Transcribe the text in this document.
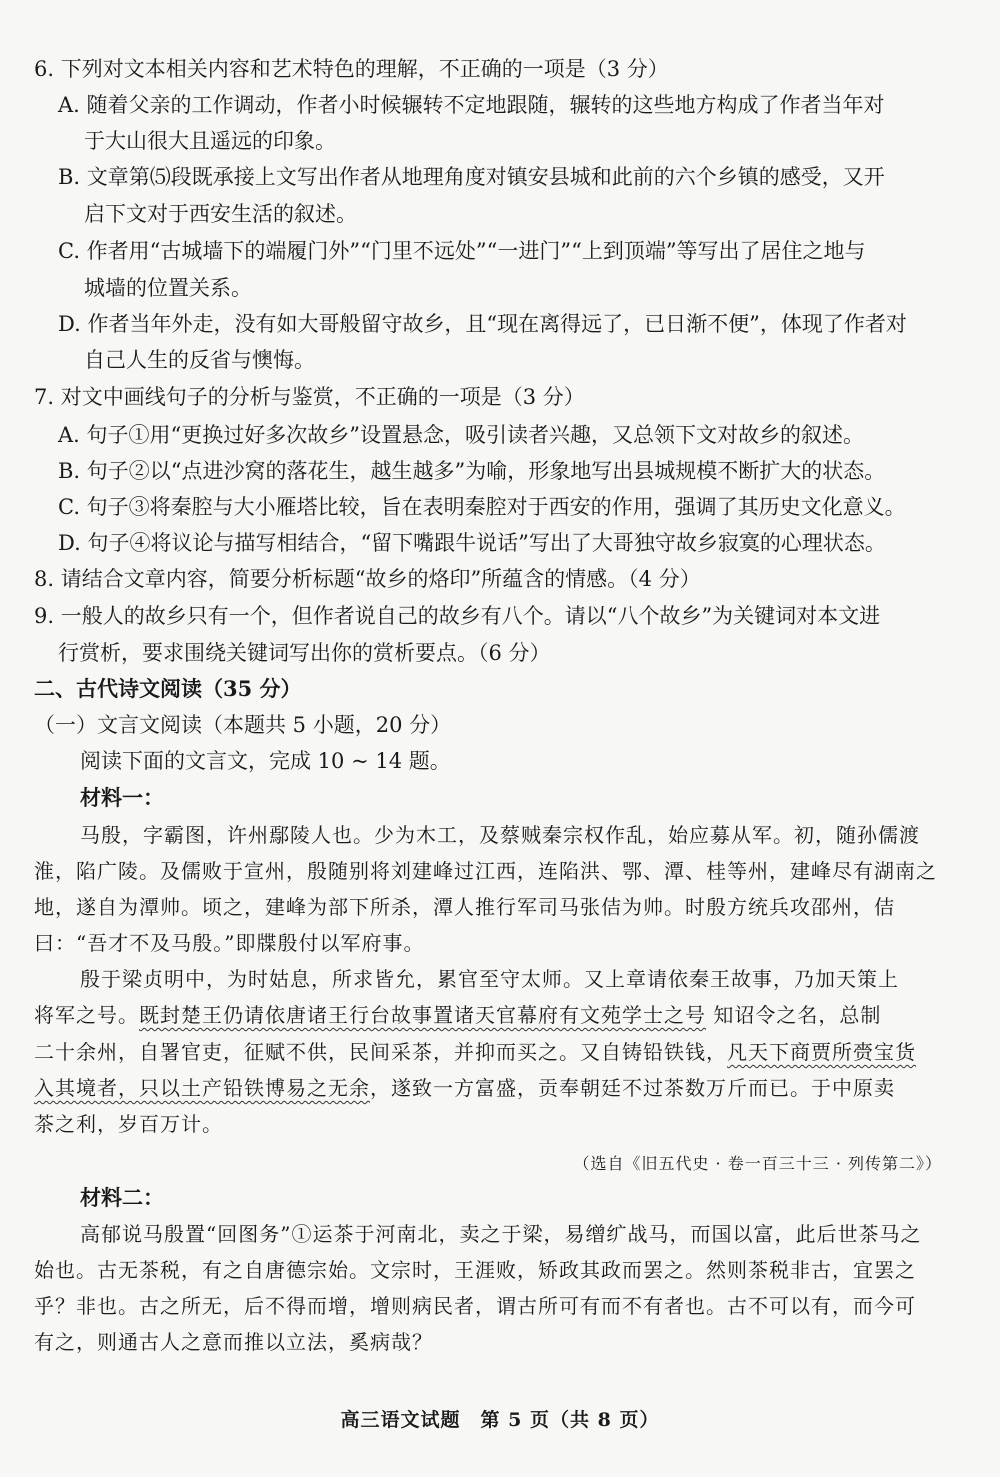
6. 下列对文本相关内容和艺术特色的理解，不正确的一项是（3 分）
A. 随着父亲的工作调动，作者小时候辗转不定地跟随，辗转的这些地方构成了作者当年对
于大山很大且遥远的印象。
B. 文章第⑸段既承接上文写出作者从地理角度对镇安县城和此前的六个乡镇的感受，又开
启下文对于西安生活的叙述。
C. 作者用“古城墙下的端履门外”“门里不远处”“一进门”“上到顶端”等写出了居住之地与
城墙的位置关系。
D. 作者当年外走，没有如大哥般留守故乡，且“现在离得远了，已日渐不便”，体现了作者对
自己人生的反省与懊悔。
7. 对文中画线句子的分析与鉴赏，不正确的一项是（3 分）
A. 句子①用“更换过好多次故乡”设置悬念，吸引读者兴趣，又总领下文对故乡的叙述。
B. 句子②以“点进沙窝的落花生，越生越多”为喻，形象地写出县城规模不断扩大的状态。
C. 句子③将秦腔与大小雁塔比较，旨在表明秦腔对于西安的作用，强调了其历史文化意义。
D. 句子④将议论与描写相结合，“留下嘴跟牛说话”写出了大哥独守故乡寂寞的心理状态。
8. 请结合文章内容，简要分析标题“故乡的烙印”所蕴含的情感。（4 分）
9. 一般人的故乡只有一个，但作者说自己的故乡有八个。请以“八个故乡”为关键词对本文进
行赏析，要求围绕关键词写出你的赏析要点。（6 分）
二、古代诗文阅读（35 分）
（一）文言文阅读（本题共 5 小题，20 分）
阅读下面的文言文，完成 10 ~ 14 题。
材料一：
马殷，字霸图，许州鄢陵人也。少为木工，及蔡贼秦宗权作乱，始应募从军。初，随孙儒渡
淮，陷广陵。及儒败于宣州，殷随别将刘建峰过江西，连陷洪、鄂、潭、桂等州，建峰尽有湖南之
地，遂自为潭帅。顷之，建峰为部下所杀，潭人推行军司马张佶为帅。时殷方统兵攻邵州，佶
曰：“吾才不及马殷。”即牒殷付以军府事。
殷于梁贞明中，为时姑息，所求皆允，累官至守太师。又上章请依秦王故事，乃加天策上
将军之号。既封楚王仍请依唐诸王行台故事置诸天官幕府有文苑学士之号 知诏令之名，总制
二十余州，自署官吏，征赋不供，民间采茶，并抑而买之。又自铸铅铁钱，凡天下商贾所赍宝货
入其境者，只以土产铅铁博易之无余，遂致一方富盛，贡奉朝廷不过茶数万斤而已。于中原卖
茶之利，岁百万计。
（选自《旧五代史 · 卷一百三十三 · 列传第二》）
材料二：
高郁说马殷置“回图务”①运茶于河南北，卖之于梁，易缯纩战马，而国以富，此后世茶马之
始也。古无茶税，有之自唐德宗始。文宗时，王涯败，矫政其政而罢之。然则茶税非古，宜罢之
乎？非也。古之所无，后不得而增，增则病民者，谓古所可有而不有者也。古不可以有，而今可
有之，则通古人之意而推以立法，奚病哉？
高三语文试题　第 5 页（共 8 页）
